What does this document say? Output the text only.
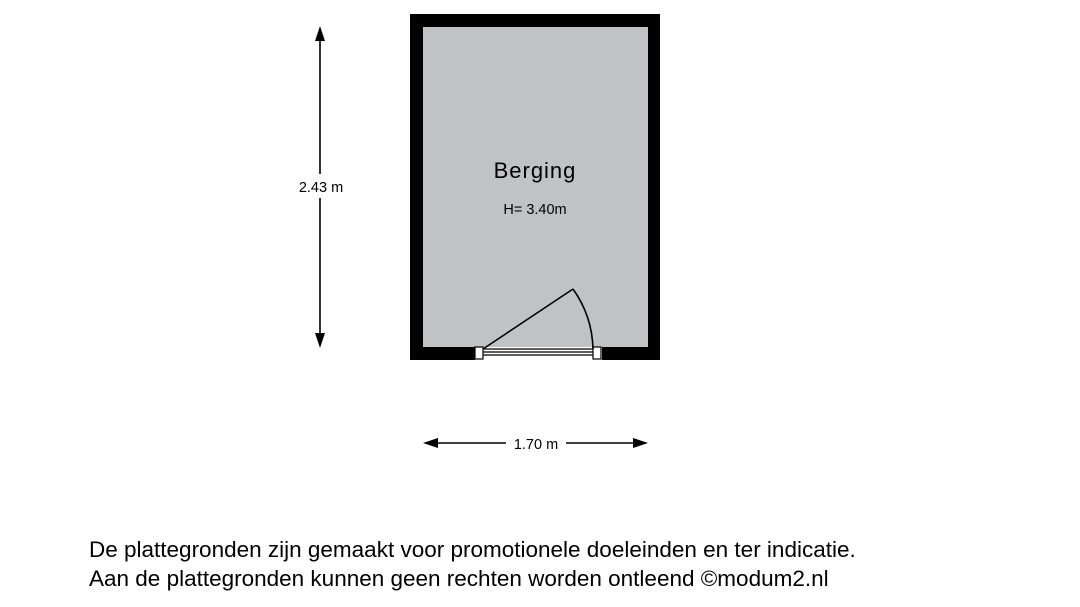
Berging
H= 3.40m
2.43 m
1.70 m
De plattegronden zijn gemaakt voor promotionele doeleinden en ter indicatie.
Aan de plattegronden kunnen geen rechten worden ontleend ©modum2.nl
